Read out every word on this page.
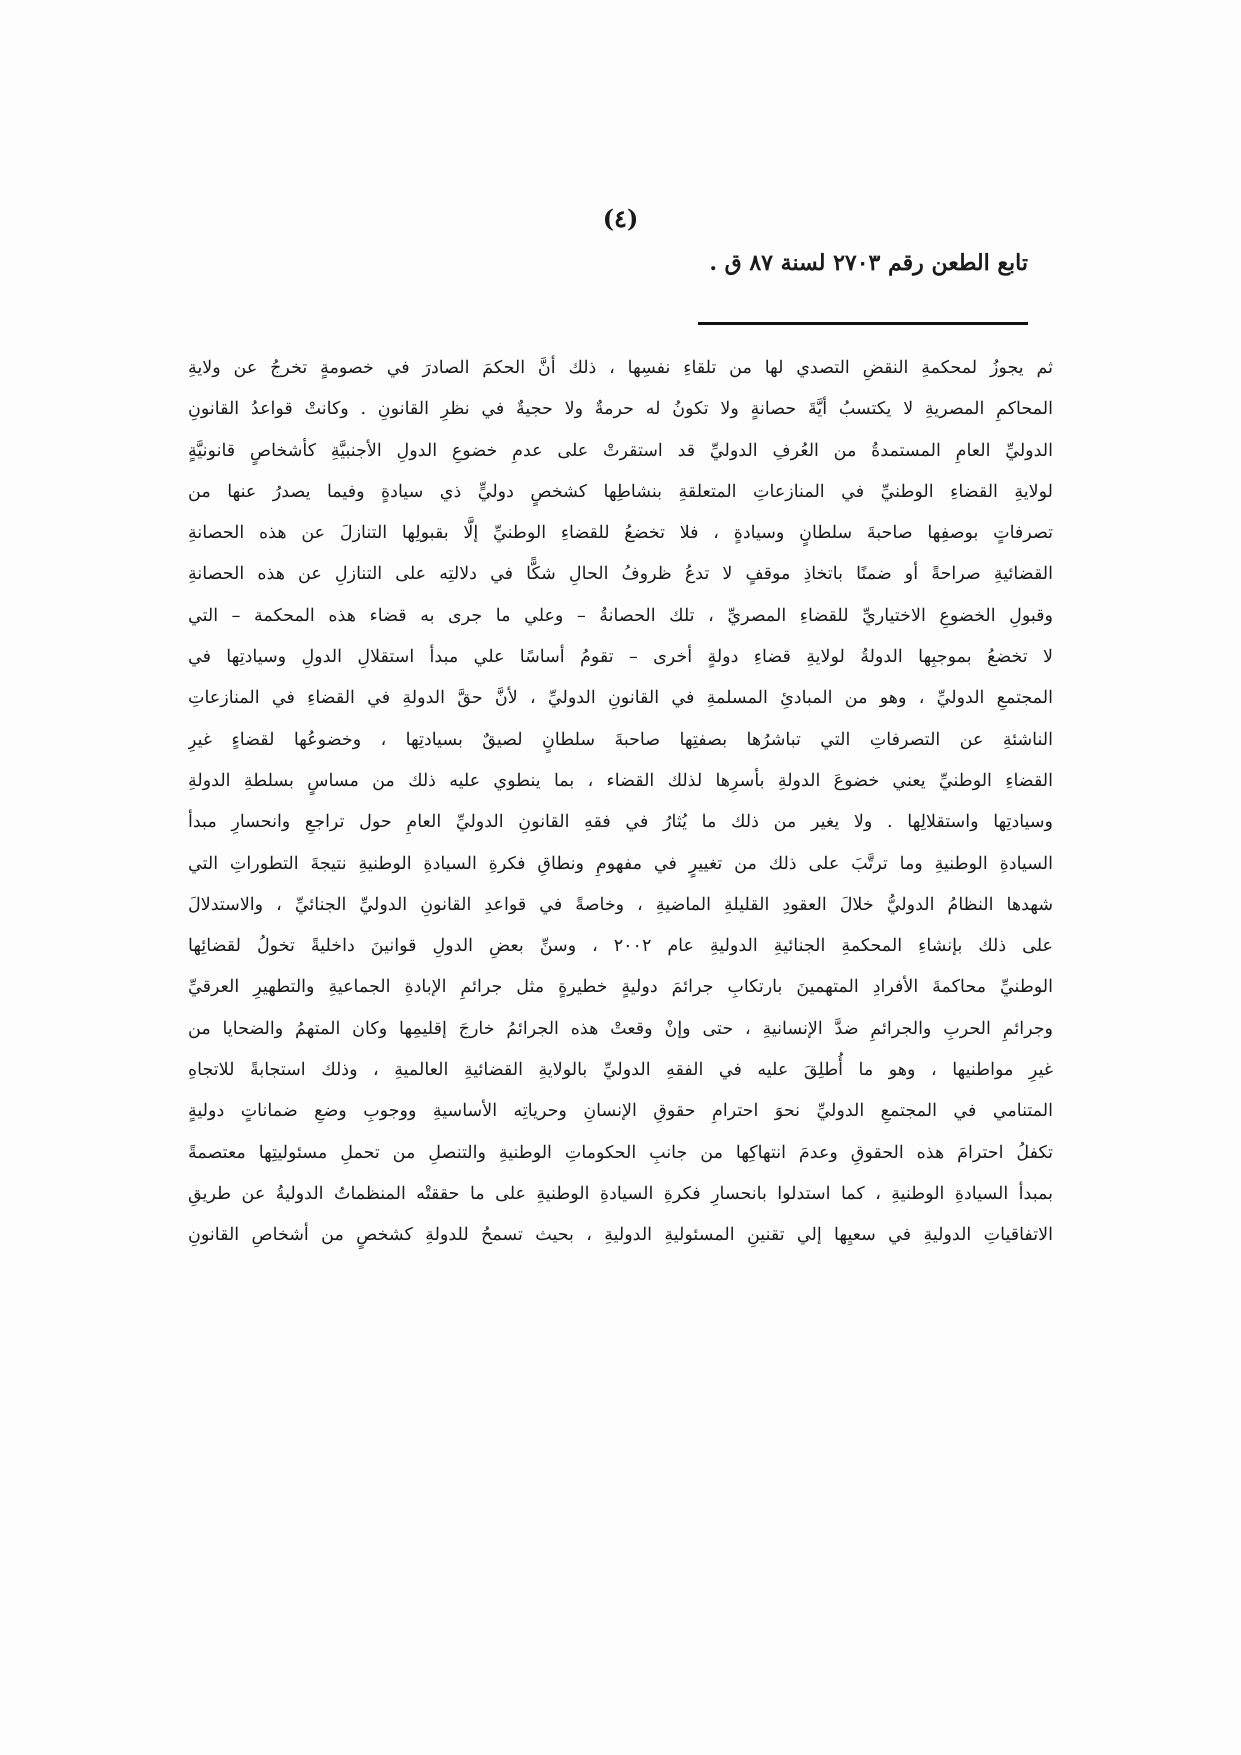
(٤)
تابع الطعن رقم ٢٧٠٣ لسنة ٨٧ ق .
ثم يجوزُ لمحكمةِ النقضِ التصدي لها من تلقاءِ نفسِها ، ذلك أنَّ الحكمَ الصادرَ في خصومةٍ تخرجُ عن ولايةِ
المحاكمِ المصريةِ لا يكتسبُ أيَّةَ حصانةٍ ولا تكونُ له حرمةٌ ولا حجيةٌ في نظرِ القانونِ . وكانتْ قواعدُ القانونِ
الدوليِّ العامِ المستمدةُ من العُرفِ الدوليِّ قد استقرتْ على عدمِ خضوعِ الدولِ الأجنبيَّةِ كأشخاصٍ قانونيَّةٍ
لولايةِ القضاءِ الوطنيِّ في المنازعاتِ المتعلقةِ بنشاطِها كشخصٍ دوليٍّ ذي سيادةٍ وفيما يصدرُ عنها من
تصرفاتٍ بوصفِها صاحبةَ سلطانٍ وسيادةٍ ، فلا تخضعُ للقضاءِ الوطنيِّ إلَّا بقبولِها التنازلَ عن هذه الحصانةِ
القضائيةِ صراحةً أو ضمنًا باتخاذِ موقفٍ لا تدعُ ظروفُ الحالِ شكًّا في دلالتِه على التنازلِ عن هذه الحصانةِ
وقبولِ الخضوعِ الاختياريِّ للقضاءِ المصريِّ ، تلك الحصانةُ – وعلي ما جرى به قضاء هذه المحكمة – التي
لا تخضعُ بموجبِها الدولةُ لولايةِ قضاءِ دولةٍ أخرى – تقومُ أساسًا علي مبدأ استقلالِ الدولِ وسيادتِها في
المجتمعِ الدوليِّ ، وهو من المبادئِ المسلمةِ في القانونِ الدوليِّ ، لأنَّ حقَّ الدولةِ في القضاءِ في المنازعاتِ
الناشئةِ عن التصرفاتِ التي تباشرُها بصفتِها صاحبةَ سلطانٍ لصيقٌ بسيادتِها ، وخضوعُها لقضاءٍ غيرِ
القضاءِ الوطنيِّ يعني خضوعَ الدولةِ بأسرِها لذلك القضاء ، بما ينطوي عليه ذلك من مساسٍ بسلطةِ الدولةِ
وسيادتِها واستقلالِها . ولا يغير من ذلك ما يُثارُ في فقهِ القانونِ الدوليِّ العامِ حول تراجعِ وانحسارِ مبدأ
السيادةِ الوطنيةِ وما ترتَّبَ على ذلك من تغييرٍ في مفهومِ ونطاقِ فكرةِ السيادةِ الوطنيةِ نتيجةَ التطوراتِ التي
شهدها النظامُ الدوليُّ خلالَ العقودِ القليلةِ الماضيةِ ، وخاصةً في قواعدِ القانونِ الدوليِّ الجنائيِّ ، والاستدلالَ
على ذلك بإنشاءِ المحكمةِ الجنائيةِ الدوليةِ عام ٢٠٠٢ ، وسنِّ بعضِ الدولِ قوانينَ داخليةً تخولُ لقضائِها
الوطنيِّ محاكمةَ الأفرادِ المتهمينَ بارتكابِ جرائمَ دوليةٍ خطيرةٍ مثل جرائمِ الإبادةِ الجماعيةِ والتطهيرِ العرقيِّ
وجرائمِ الحربِ والجرائمِ ضدَّ الإنسانيةِ ، حتى وإنْ وقعتْ هذه الجرائمُ خارجَ إقليمِها وكان المتهمُ والضحايا من
غيرِ مواطنيها ، وهو ما أُطلِقَ عليه في الفقهِ الدوليِّ بالولايةِ القضائيةِ العالميةِ ، وذلك استجابةً للاتجاهِ
المتنامي في المجتمعِ الدوليِّ نحوَ احترامِ حقوقِ الإنسانِ وحرياتِه الأساسيةِ ووجوبِ وضعِ ضماناتٍ دوليةٍ
تكفلُ احترامَ هذه الحقوقِ وعدمَ انتهاكِها من جانبِ الحكوماتِ الوطنيةِ والتنصلِ من تحملِ مسئوليتِها معتصمةً
بمبدأ السيادةِ الوطنيةِ ، كما استدلوا بانحسارِ فكرةِ السيادةِ الوطنيةِ على ما حققتْه المنظماتُ الدوليةُ عن طريقِ
الاتفاقياتِ الدوليةِ في سعيِها إلي تقنينِ المسئوليةِ الدوليةِ ، بحيث تسمحُ للدولةِ كشخصٍ من أشخاصِ القانونِ
